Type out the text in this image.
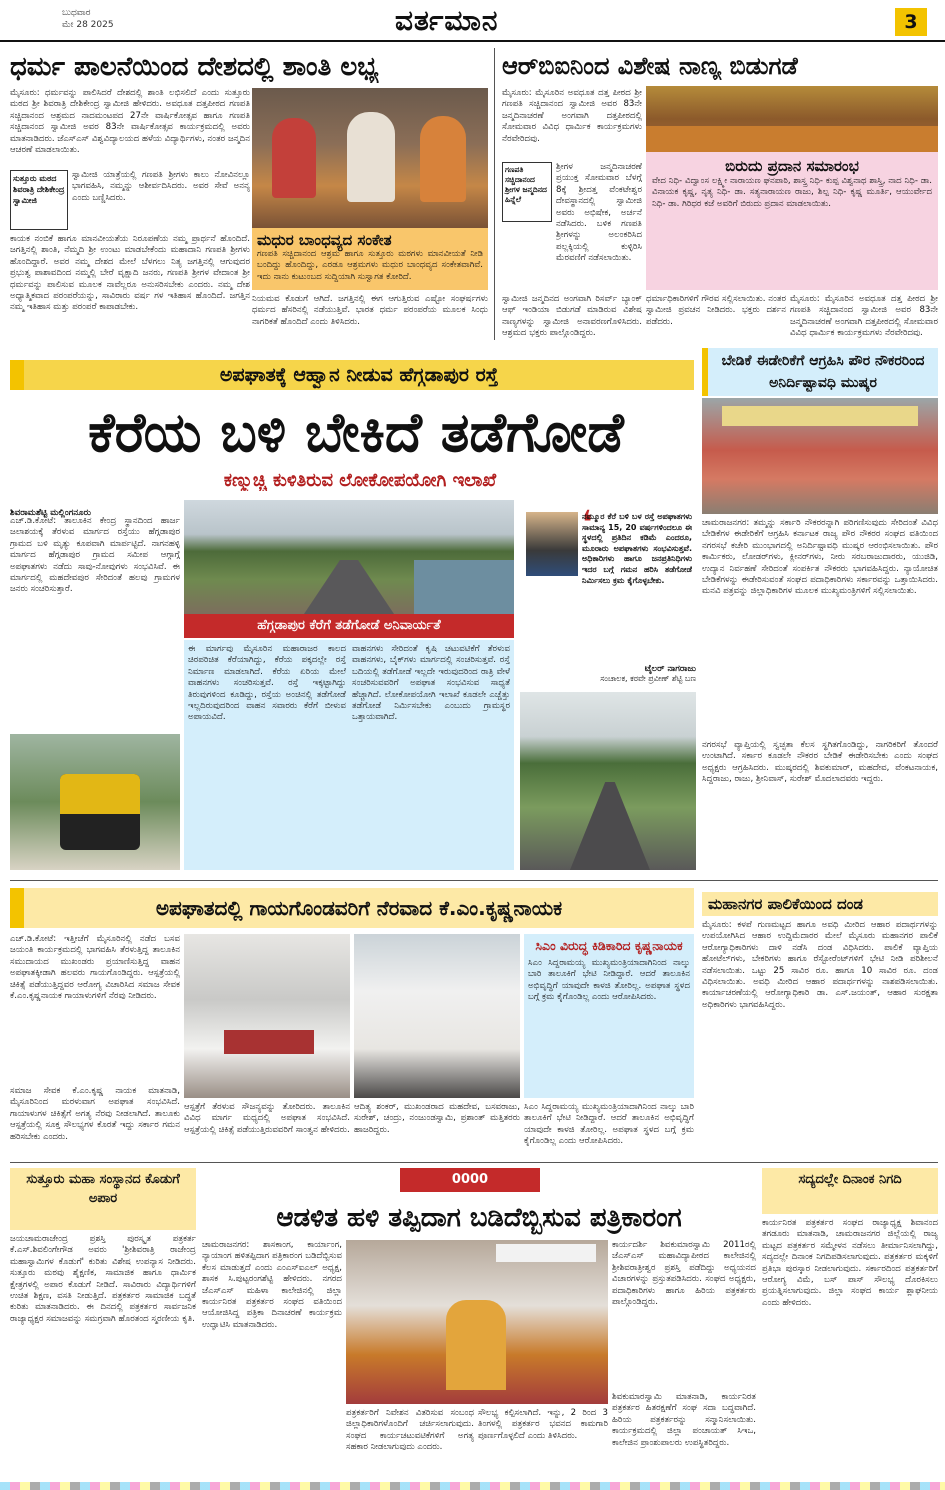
ಬುಧವಾರ
ಮೇ 28 2025	ವರ್ತಮಾನ	3
ಧರ್ಮ ಪಾಲನೆಯಿಂದ ದೇಶದಲ್ಲಿ ಶಾಂತಿ ಲಭ್ಯ
ಮೈಸೂರು: ಧರ್ಮವನ್ನು ಪಾಲಿಸಿದರೆ ದೇಶದಲ್ಲಿ ಶಾಂತಿ ಲಭಿಸಲಿದೆ ಎಂದು ಸುತ್ತೂರು ಮಠದ ಶ್ರೀ ಶಿವರಾತ್ರಿ ದೇಶಿಕೇಂದ್ರ ಸ್ವಾಮೀಜಿ ಹೇಳಿದರು. ಅವಧೂತ ದತ್ತಪೀಠದ ಗಣಪತಿ ಸಚ್ಚಿದಾನಂದ ಆಶ್ರಮದ ನಾದಮಂಟಪದ 27ನೇ ವಾರ್ಷಿಕೋತ್ಸವ ಹಾಗೂ ಗಣಪತಿ ಸಚ್ಚಿದಾನಂದ ಸ್ವಾಮೀಜಿ ಅವರ 83ನೇ ವಾರ್ಷಿಕೋತ್ಸವ ಕಾರ್ಯಕ್ರಮದಲ್ಲಿ ಅವರು ಮಾತನಾಡಿದರು. ಜೆಎಸ್ಎಸ್ ವಿಶ್ವವಿದ್ಯಾಲಯದ ಹಳೆಯ ವಿದ್ಯಾರ್ಥಿಗಳು, ನಂತರ ಜನ್ಮದಿನ ಆಚರಣೆ ಮಾಡಲಾಯಿತು.
ಸುತ್ತೂರು ಮಠದ ಶಿವರಾತ್ರಿ ದೇಶಿಕೇಂದ್ರ ಸ್ವಾಮೀಜಿ
ಸ್ವಾಮೀಜಿ ಯಾತ್ರೆಯಲ್ಲಿ ಗಣಪತಿ ಶ್ರೀಗಳು ಕಾಲು ನೋವಿನಲ್ಲೂ ಭಾಗವಹಿಸಿ, ನಮ್ಮನ್ನು ಆಶೀರ್ವದಿಸಿದರು. ಅವರ ಸೇವೆ ಅನನ್ಯ ಎಂದು ಬಣ್ಣಿಸಿದರು.
ಕಾಯಕ ನಂಬಿಕೆ ಹಾಗೂ ಮಾನವೀಯತೆಯ ನಿರೂಪಣೆಯ ನಮ್ಮ ಪ್ರಾರ್ಥನೆ ಹೊಂದಿದೆ. ಜಗತ್ತಿನಲ್ಲಿ ಶಾಂತಿ, ನೆಮ್ಮದಿ ಶ್ರೀ ಉಂಟು ಮಾಡಬೇಕೆಂದು ಮಹಾದಾನಿ ಗಣಪತಿ ಶ್ರೀಗಳು ಹೊಂದಿದ್ದಾರೆ. ಅವರ ನಮ್ಮ ದೇಶದ ಮೇಲೆ ಬೆಳಗಲು ನಿತ್ಯ ಜಗತ್ತಿನಲ್ಲಿ ಆಗುವುದರ ಪ್ರಭುತ್ವ ಪಾಶಾವದಿಂದ ನಮ್ಮಲ್ಲಿ ಬೇರೆ ವೃಕ್ಷಾದಿ ಜನರು, ಗಣಪತಿ ಶ್ರೀಗಳ ವೇದಾಂತ ಶ್ರೀ ಧರ್ಮವನ್ನು ಪಾಲಿಸುವ ಮೂಲಕ ನಾವೆಲ್ಲರೂ ಅನುಸರಿಸಬೇಕು ಎಂದರು. ನಮ್ಮ ದೇಶ ಅಧ್ಯಾತ್ಮಿಕವಾದ ಪರಂಪರೆಯನ್ನು, ಸಾವಿರಾರು ವರ್ಷ ಗಳ ಇತಿಹಾಸ ಹೊಂದಿದೆ. ಜಗತ್ತಿನ ನಮ್ಮ ಇತಿಹಾಸ ಮತ್ತು ಪರಂಪರೆ ಕಾಪಾಡಬೇಕು.
ಮಧುರ ಬಾಂಧವ್ಯದ ಸಂಕೇತ
ಗಣಪತಿ ಸಚ್ಚಿದಾನಂದ ಆಶ್ರಮ ಹಾಗೂ ಸುತ್ತೂರು ಮಠಗಳು ಮಾನವೀಯತೆ ನೀಡಿ ಬಂದಿದ್ದು ಹೊಂದಿದ್ದು, ಎರಡೂ ಆಶ್ರಮಗಳು ಮಧುರ ಬಾಂಧವ್ಯದ ಸಂಕೇತವಾಗಿವೆ. ಇದು ನಾನು ಕುಟುಂಬದ ಸುದ್ದಿಯಾಗಿ ಸುಸ್ವಾಗತ ಕೋರಿದೆ.
ನಿಯಮವ ಕೊಡುಗೆ ಆಗಿದೆ. ಜಗತ್ತಿನಲ್ಲಿ ಈಗ ಆಗುತ್ತಿರುವ ಎಷ್ಟೋ ಸಂಘರ್ಷಗಳು ಧರ್ಮದ ಹೆಸರಿನಲ್ಲಿ ನಡೆಯುತ್ತಿವೆ. ಭಾರತ ಧರ್ಮ ಪರಂಪರೆಯ ಮೂಲಕ ಸಿಂಧು ನಾಗರಿಕತೆ ಹೊಂದಿದೆ ಎಂದು ತಿಳಿಸಿದರು.
ಆರ್‌ಬಿಐನಿಂದ ವಿಶೇಷ ನಾಣ್ಯ ಬಿಡುಗಡೆ
ಮೈಸೂರು: ಮೈಸೂರಿನ ಅವಧೂತ ದತ್ತ ಪೀಠದ ಶ್ರೀ ಗಣಪತಿ ಸಚ್ಚಿದಾನಂದ ಸ್ವಾಮೀಜಿ ಅವರ 83ನೇ ಜನ್ಮದಿನಾಚರಣೆ ಅಂಗವಾಗಿ ದತ್ತಪೀಠದಲ್ಲಿ ಸೋಮವಾರ ವಿವಿಧ ಧಾರ್ಮಿಕ ಕಾರ್ಯಕ್ರಮಗಳು ನೆರವೇರಿದವು.
ಗಣಪತಿ ಸಚ್ಚಿದಾನಂದ ಶ್ರೀಗಳ ಜನ್ಮದಿನದ ಹಿನ್ನೆಲೆ
ಶ್ರೀಗಳ ಜನ್ಮದಿನಾಚರಣೆ ಪ್ರಯುಕ್ತ ಸೋಮವಾರ ಬೆಳಗ್ಗೆ 8ಕ್ಕೆ ಶ್ರೀದತ್ತ ವೆಂಕಟೇಶ್ವರ ದೇವಸ್ಥಾನದಲ್ಲಿ ಸ್ವಾಮೀಜಿ ಅವರು ಅಭಿಷೇಕ, ಅರ್ಚನೆ ನಡೆಸಿದರು. ಬಳಿಕ ಗಣಪತಿ ಶ್ರೀಗಳನ್ನು ಅಲಂಕರಿಸಿದ ಪಲ್ಲಕ್ಕಿಯಲ್ಲಿ ಕುಳ್ಳಿರಿಸಿ ಮೆರವಣಿಗೆ ನಡೆಸಲಾಯಿತು.
ಬಿರುದು ಪ್ರದಾನ ಸಮಾರಂಭ
ವೇದ ನಿಧಿ- ವಿದ್ವಾಂಸ ಲಕ್ಷ್ಮೀ ನಾರಾಯಣ ಘನಪಾಠಿ, ಶಾಸ್ತ್ರ ನಿಧಿ- ಕುಪ್ಪ ವಿಶ್ವನಾಥ ಶಾಸ್ತ್ರಿ, ನಾದ ನಿಧಿ- ಡಾ. ವಿನಾಯಕ ಕೃಷ್ಣ, ನೃತ್ಯ ನಿಧಿ- ಡಾ. ಸತ್ಯನಾರಾಯಣ ರಾಜು, ಶಿಲ್ಪ ನಿಧಿ- ಕೃಷ್ಣ ಮೂರ್ತಿ, ಆಯುರ್ವೇದ ನಿಧಿ- ಡಾ. ಗಿರಿಧರ ಕಜೆ ಅವರಿಗೆ ಬಿರುದು ಪ್ರದಾನ ಮಾಡಲಾಯಿತು.
ಸ್ವಾಮೀಜಿ ಜನ್ಮದಿನದ ಅಂಗವಾಗಿ ರಿಸರ್ವ್ ಬ್ಯಾಂಕ್ ಆಫ್ ಇಂಡಿಯಾ ಬಿಡುಗಡೆ ಮಾಡಿರುವ ವಿಶೇಷ ನಾಣ್ಯಗಳನ್ನು ಸ್ವಾಮೀಜಿ ಅನಾವರಣಗೊಳಿಸಿದರು. ಆಶ್ರಮದ ಭಕ್ತರು ಪಾಲ್ಗೊಂಡಿದ್ದರು.
ಧರ್ಮಾಧಿಕಾರಿಗಳಿಗೆ ಗೌರವ ಸಲ್ಲಿಸಲಾಯಿತು. ನಂತರ ಸ್ವಾಮೀಜಿ ಪ್ರವಚನ ನೀಡಿದರು. ಭಕ್ತರು ದರ್ಶನ ಪಡೆದರು.
ಮೈಸೂರು: ಮೈಸೂರಿನ ಅವಧೂತ ದತ್ತ ಪೀಠದ ಶ್ರೀ ಗಣಪತಿ ಸಚ್ಚಿದಾನಂದ ಸ್ವಾಮೀಜಿ ಅವರ 83ನೇ ಜನ್ಮದಿನಾಚರಣೆ ಅಂಗವಾಗಿ ದತ್ತಪೀಠದಲ್ಲಿ ಸೋಮವಾರ ವಿವಿಧ ಧಾರ್ಮಿಕ ಕಾರ್ಯಕ್ರಮಗಳು ನೆರವೇರಿದವು.
ಅಪಘಾತಕ್ಕೆ ಆಹ್ವಾನ ನೀಡುವ ಹೆಗ್ಗಡಾಪುರ ರಸ್ತೆ
ಕೆರೆಯ ಬಳಿ ಬೇಕಿದೆ ತಡೆಗೋಡೆ
ಕಣ್ಮುಚ್ಚಿ ಕುಳಿತಿರುವ ಲೋಕೋಪಯೋಗಿ ಇಲಾಖೆ
ಶಿವರಾಮಶೆಟ್ಟಿ ಮಲ್ಲಿಂಗನೂರು
ಎಚ್.ಡಿ.ಕೋಟೆ: ತಾಲೂಕಿನ ಕೇಂದ್ರ ಸ್ಥಾನದಿಂದ ಹಾರ್ಜ ಜಲಾಶಯಕ್ಕೆ ತೆರಳುವ ಮಾರ್ಗದ ರಸ್ತೆಯು ಹೆಗ್ಗಡಾಪುರ ಗ್ರಾಮದ ಬಳಿ ಮೃತ್ಯು ಕೂಪವಾಗಿ ಮಾರ್ಪಟ್ಟಿದೆ. ನಾಗನಹಳ್ಳಿ ಮಾರ್ಗದ ಹೆಗ್ಗಡಾಪುರ ಗ್ರಾಮದ ಸಮೀಪ ಆಗ್ಗಾಗ್ಗೆ ಅಪಘಾತಗಳು ನಡೆದು ಸಾವು-ನೋವುಗಳು ಸಂಭವಿಸಿವೆ. ಈ ಮಾರ್ಗದಲ್ಲಿ ಮಹದೇವಪುರ ಸೇರಿದಂತೆ ಹಲವು ಗ್ರಾಮಗಳ ಜನರು ಸಂಚರಿಸುತ್ತಾರೆ.
ಹೆಗ್ಗಡಾಪುರ ಕೆರೆಗೆ ತಡೆಗೋಡೆ ಅನಿವಾರ್ಯತೆ
ಈ ಮಾರ್ಗವು ಮೈಸೂರಿನ ಮಹಾರಾಜರ ಕಾಲದ ಚಿರಪರಿಚಿತ ಕೆರೆಯಾಗಿದ್ದು, ಕೆರೆಯ ಪಕ್ಕದಲ್ಲೇ ರಸ್ತೆ ನಿರ್ಮಾಣ ಮಾಡಲಾಗಿದೆ. ಕೆರೆಯ ಏರಿಯ ಮೇಲೆ ವಾಹನಗಳು ಸಂಚರಿಸುತ್ತವೆ. ರಸ್ತೆ ಇಕ್ಕಟ್ಟಾಗಿದ್ದು ತಿರುವುಗಳಿಂದ ಕೂಡಿದ್ದು, ರಸ್ತೆಯ ಅಂಚಿನಲ್ಲಿ ತಡೆಗೋಡೆ ಇಲ್ಲದಿರುವುದರಿಂದ ವಾಹನ ಸವಾರರು ಕೆರೆಗೆ ಬೀಳುವ ಅಪಾಯವಿದೆ.
ವಾಹನಗಳು ಸೇರಿದಂತೆ ಕೃಷಿ ಚಟುವಟಿಕೆಗೆ ತೆರಳುವ ವಾಹನಗಳು, ಬೈಕ್‌ಗಳು ಮಾರ್ಗದಲ್ಲಿ ಸಂಚರಿಸುತ್ತವೆ. ರಸ್ತೆ ಬದಿಯಲ್ಲಿ ತಡೆಗೋಡೆ ಇಲ್ಲದೇ ಇರುವುದರಿಂದ ರಾತ್ರಿ ವೇಳೆ ಸಂಚರಿಸುವವರಿಗೆ ಅಪಘಾತ ಸಂಭವಿಸುವ ಸಾಧ್ಯತೆ ಹೆಚ್ಚಾಗಿದೆ. ಲೋಕೋಪಯೋಗಿ ಇಲಾಖೆ ಕೂಡಲೇ ಎಚ್ಚೆತ್ತು ತಡೆಗೋಡೆ ನಿರ್ಮಿಸಬೇಕು ಎಂಬುದು ಗ್ರಾಮಸ್ಥರ ಒತ್ತಾಯವಾಗಿದೆ.
❛
ನಮ್ಮೂರ ಕೆರೆ ಬಳಿ ಬಳ ರಸ್ತೆ ಅಪಘಾತಗಳು ಸಾಮಾನ್ಯ 15, 20 ವರ್ಷಗಳಿಂದಲೂ ಈ ಸ್ಥಳದಲ್ಲಿ ಪ್ರತಿದಿನ ಕಡಿಮೆ ಎಂದರೂ, ಮೂರಾರು ಅಪಘಾತಗಳು ಸಂಭವಿಸುತ್ತವೆ. ಅಧಿಕಾರಿಗಳು ಹಾಗೂ ಜನಪ್ರತಿನಿಧಿಗಳು ಇದರ ಬಗ್ಗೆ ಗಮನ ಹರಿಸಿ ತಡೆಗೋಡೆ ನಿರ್ಮಿಸಲು ಕ್ರಮ ಕೈಗೊಳ್ಳಬೇಕು.
ಟೈಲರ್ ನಾಗರಾಜು
ಸಂಚಾಲಕ, ಕರವೇ ಪ್ರವೀಣ್ ಶೆಟ್ಟಿ ಬಣ
ಬೇಡಿಕೆ ಈಡೇರಿಕೆಗೆ ಆಗ್ರಹಿಸಿ ಪೌರ ನೌಕರರಿಂದ ಅನಿರ್ದಿಷ್ಟಾವಧಿ ಮುಷ್ಕರ
ಚಾಮರಾಜನಗರ: ತಮ್ಮನ್ನು ಸರ್ಕಾರಿ ನೌಕರರನ್ನಾಗಿ ಪರಿಗಣಿಸುವುದು ಸೇರಿದಂತೆ ವಿವಿಧ ಬೇಡಿಕೆಗಳ ಈಡೇರಿಕೆಗೆ ಆಗ್ರಹಿಸಿ ಕರ್ನಾಟಕ ರಾಜ್ಯ ಪೌರ ನೌಕರರ ಸಂಘದ ವತಿಯಿಂದ ನಗರಸಭೆ ಕಚೇರಿ ಮುಂಭಾಗದಲ್ಲಿ ಅನಿರ್ದಿಷ್ಟಾವಧಿ ಮುಷ್ಕರ ಆರಂಭಿಸಲಾಯಿತು. ಪೌರ ಕಾರ್ಮಿಕರು, ಲೋಡರ್‌ಗಳು, ಕ್ಲೀನರ್‌ಗಳು, ನೀರು ಸರಬರಾಜುದಾರರು, ಯುಜಿಡಿ, ಉದ್ಯಾನ ನಿರ್ವಹಣೆ ಸೇರಿದಂತೆ ಸಂಪರ್ಕಿತ ನೌಕರರು ಭಾಗವಹಿಸಿದ್ದರು. ನ್ಯಾಯೋಚಿತ ಬೇಡಿಕೆಗಳನ್ನು ಈಡೇರಿಸುವಂತೆ ಸಂಘದ ಪದಾಧಿಕಾರಿಗಳು ಸರ್ಕಾರವನ್ನು ಒತ್ತಾಯಿಸಿದರು. ಮನವಿ ಪತ್ರವನ್ನು ಜಿಲ್ಲಾಧಿಕಾರಿಗಳ ಮೂಲಕ ಮುಖ್ಯಮಂತ್ರಿಗಳಿಗೆ ಸಲ್ಲಿಸಲಾಯಿತು.
ನಗರಸಭೆ ವ್ಯಾಪ್ತಿಯಲ್ಲಿ ಸ್ವಚ್ಛತಾ ಕೆಲಸ ಸ್ಥಗಿತಗೊಂಡಿದ್ದು, ನಾಗರಿಕರಿಗೆ ತೊಂದರೆ ಉಂಟಾಗಿದೆ. ಸರ್ಕಾರ ಕೂಡಲೇ ನೌಕರರ ಬೇಡಿಕೆ ಈಡೇರಿಸಬೇಕು ಎಂದು ಸಂಘದ ಅಧ್ಯಕ್ಷರು ಆಗ್ರಹಿಸಿದರು. ಮುಷ್ಕರದಲ್ಲಿ ಶಿವಕುಮಾರ್, ಮಹದೇವ, ವೆಂಕಟನಾಯಕ, ಸಿದ್ದರಾಜು, ರಾಜು, ಶ್ರೀನಿವಾಸ್, ಸುರೇಶ್ ಮೊದಲಾದವರು ಇದ್ದರು.
ಅಪಘಾತದಲ್ಲಿ ಗಾಯಗೊಂಡವರಿಗೆ ನೆರವಾದ ಕೆ.ಎಂ.ಕೃಷ್ಣನಾಯಕ
ಎಚ್.ಡಿ.ಕೋಟೆ: ಇತ್ತೀಚೆಗೆ ಮೈಸೂರಿನಲ್ಲಿ ನಡೆದ ಬಸವ ಜಯಂತಿ ಕಾರ್ಯಕ್ರಮದಲ್ಲಿ ಭಾಗವಹಿಸಿ ತೆರಳುತ್ತಿದ್ದ ತಾಲೂಕಿನ ಸಮುದಾಯದ ಮುಖಂಡರು ಪ್ರಯಾಣಿಸುತ್ತಿದ್ದ ವಾಹನ ಅಪಘಾತಕ್ಕೀಡಾಗಿ ಹಲವರು ಗಾಯಗೊಂಡಿದ್ದರು. ಆಸ್ಪತ್ರೆಯಲ್ಲಿ ಚಿಕಿತ್ಸೆ ಪಡೆಯುತ್ತಿದ್ದವರ ಆರೋಗ್ಯ ವಿಚಾರಿಸಿದ ಸಮಾಜ ಸೇವಕ ಕೆ.ಎಂ.ಕೃಷ್ಣನಾಯಕ ಗಾಯಾಳುಗಳಿಗೆ ನೆರವು ನೀಡಿದರು.
ಸಮಾಜ ಸೇವಕ ಕೆ.ಎಂ.ಕೃಷ್ಣ ನಾಯಕ ಮಾತನಾಡಿ, ಮೈಸೂರಿನಿಂದ ಮರಳುವಾಗ ಅಪಘಾತ ಸಂಭವಿಸಿದೆ. ಗಾಯಾಳುಗಳ ಚಿಕಿತ್ಸೆಗೆ ಅಗತ್ಯ ನೆರವು ನೀಡಲಾಗಿದೆ. ತಾಲೂಕು ಆಸ್ಪತ್ರೆಯಲ್ಲಿ ಸೂಕ್ತ ಸೌಲಭ್ಯಗಳ ಕೊರತೆ ಇದ್ದು ಸರ್ಕಾರ ಗಮನ ಹರಿಸಬೇಕು ಎಂದರು.
ಸಿಎಂ ವಿರುದ್ಧ ಕಿಡಿಕಾರಿದ ಕೃಷ್ಣನಾಯಕ
ಸಿಎಂ ಸಿದ್ದರಾಮಯ್ಯ ಮುಖ್ಯಮಂತ್ರಿಯಾದಾಗಿನಿಂದ ನಾಲ್ಕು ಬಾರಿ ತಾಲೂಕಿಗೆ ಭೇಟಿ ನೀಡಿದ್ದಾರೆ. ಆದರೆ ತಾಲೂಕಿನ ಅಭಿವೃದ್ಧಿಗೆ ಯಾವುದೇ ಕಾಳಜಿ ತೋರಿಲ್ಲ. ಅಪಘಾತ ಸ್ಥಳದ ಬಗ್ಗೆ ಕ್ರಮ ಕೈಗೊಂಡಿಲ್ಲ ಎಂದು ಆರೋಪಿಸಿದರು.
ಆಸ್ಪತ್ರೆಗೆ ತೆರಳುವ ಸೌಜನ್ಯವನ್ನು ತೋರಿದರು. ತಾಲೂಕಿನ ವಿವಿಧ ಮಾರ್ಗ ಮಧ್ಯದಲ್ಲಿ ಅಪಘಾತ ಸಂಭವಿಸಿದೆ. ಆಸ್ಪತ್ರೆಯಲ್ಲಿ ಚಿಕಿತ್ಸೆ ಪಡೆಯುತ್ತಿರುವವರಿಗೆ ಸಾಂತ್ವನ ಹೇಳಿದರು.
ಆದಿತ್ಯ ಶಂಕರ್, ಮುಖಂಡರಾದ ಮಹದೇವ, ಬಸವರಾಜು, ಸುರೇಶ್, ಚಂದ್ರು, ನಂಜುಂಡಸ್ವಾಮಿ, ಪ್ರಶಾಂತ್ ಮತ್ತಿತರರು ಹಾಜರಿದ್ದರು.
ಸಿಎಂ ಸಿದ್ದರಾಮಯ್ಯ ಮುಖ್ಯಮಂತ್ರಿಯಾದಾಗಿನಿಂದ ನಾಲ್ಕು ಬಾರಿ ತಾಲೂಕಿಗೆ ಭೇಟಿ ನೀಡಿದ್ದಾರೆ. ಆದರೆ ತಾಲೂಕಿನ ಅಭಿವೃದ್ಧಿಗೆ ಯಾವುದೇ ಕಾಳಜಿ ತೋರಿಲ್ಲ. ಅಪಘಾತ ಸ್ಥಳದ ಬಗ್ಗೆ ಕ್ರಮ ಕೈಗೊಂಡಿಲ್ಲ ಎಂದು ಆರೋಪಿಸಿದರು.
ಮಹಾನಗರ ಪಾಲಿಕೆಯಿಂದ ದಂಡ
ಮೈಸೂರು: ಕಳಪೆ ಗುಣಮಟ್ಟದ ಹಾಗೂ ಅವಧಿ ಮೀರಿದ ಆಹಾರ ಪದಾರ್ಥಗಳನ್ನು ಉಪಯೋಗಿಸಿದ ಆಹಾರ ಉದ್ದಿಮೆದಾರರ ಮೇಲೆ ಮೈಸೂರು ಮಹಾನಗರ ಪಾಲಿಕೆ ಆರೋಗ್ಯಾಧಿಕಾರಿಗಳು ದಾಳಿ ನಡೆಸಿ ದಂಡ ವಿಧಿಸಿದರು. ಪಾಲಿಕೆ ವ್ಯಾಪ್ತಿಯ ಹೋಟೆಲ್‌ಗಳು, ಬೇಕರಿಗಳು ಹಾಗೂ ರೆಸ್ಟೋರೆಂಟ್‌ಗಳಿಗೆ ಭೇಟಿ ನೀಡಿ ಪರಿಶೀಲನೆ ನಡೆಸಲಾಯಿತು. ಒಟ್ಟು 25 ಸಾವಿರ ರೂ. ಹಾಗೂ 10 ಸಾವಿರ ರೂ. ದಂಡ ವಿಧಿಸಲಾಯಿತು. ಅವಧಿ ಮೀರಿದ ಆಹಾರ ಪದಾರ್ಥಗಳನ್ನು ನಾಶಪಡಿಸಲಾಯಿತು. ಕಾರ್ಯಾಚರಣೆಯಲ್ಲಿ ಆರೋಗ್ಯಾಧಿಕಾರಿ ಡಾ. ಎಸ್.ಜಯಂತ್, ಆಹಾರ ಸುರಕ್ಷತಾ ಅಧಿಕಾರಿಗಳು ಭಾಗವಹಿಸಿದ್ದರು.
0000
ಸುತ್ತೂರು ಮಹಾ ಸಂಸ್ಥಾನದ ಕೊಡುಗೆ ಅಪಾರ
ಜಯಚಾಮರಾಜೇಂದ್ರ ಪ್ರಶಸ್ತಿ ಪುರಸ್ಕೃತ ಪತ್ರಕರ್ತ ಕೆ.ಎಸ್.ಶಿವಲಿಂಗೇಗೌಡ ಅವರು 'ಶ್ರೀಶಿವರಾತ್ರಿ ರಾಜೇಂದ್ರ ಮಹಾಸ್ವಾಮಿಗಳ ಕೊಡುಗೆ' ಕುರಿತು ವಿಶೇಷ ಉಪನ್ಯಾಸ ನೀಡಿದರು. ಸುತ್ತೂರು ಮಠವು ಶೈಕ್ಷಣಿಕ, ಸಾಮಾಜಿಕ ಹಾಗೂ ಧಾರ್ಮಿಕ ಕ್ಷೇತ್ರಗಳಲ್ಲಿ ಅಪಾರ ಕೊಡುಗೆ ನೀಡಿದೆ. ಸಾವಿರಾರು ವಿದ್ಯಾರ್ಥಿಗಳಿಗೆ ಉಚಿತ ಶಿಕ್ಷಣ, ವಸತಿ ನೀಡುತ್ತಿದೆ. ಪತ್ರಕರ್ತರ ಸಾಮಾಜಿಕ ಬದ್ಧತೆ ಕುರಿತು ಮಾತನಾಡಿದರು. ಈ ದಿನದಲ್ಲಿ ಪತ್ರಕರ್ತರ ಸಾರ್ವಜನಿಕ ರಾಜ್ಯಾಧ್ಯಕ್ಷರ ಸಮಾಜವನ್ನು ಸಮಗ್ರವಾಗಿ ಹೊರತಂದ ಸ್ಮರಣೀಯ ಕೃತಿ.
ಆಡಳಿತ ಹಳಿ ತಪ್ಪಿದಾಗ ಬಡಿದೆಬ್ಬಿಸುವ ಪತ್ರಿಕಾರಂಗ
ಚಾಮರಾಜನಗರ: ಶಾಸಕಾಂಗ, ಕಾರ್ಯಾಂಗ, ನ್ಯಾಯಾಂಗ ಹಳಿತಪ್ಪಿದಾಗ ಪತ್ರಿಕಾರಂಗ ಬಡಿದೆಬ್ಬಿಸುವ ಕೆಲಸ ಮಾಡುತ್ತದೆ ಎಂದು ಎಂಎಸ್ಐಎಲ್ ಅಧ್ಯಕ್ಷ, ಶಾಸಕ ಸಿ.ಪುಟ್ಟರಂಗಶೆಟ್ಟಿ ಹೇಳಿದರು. ನಗರದ ಜೆಎಸ್ಎಸ್ ಮಹಿಳಾ ಕಾಲೇಜಿನಲ್ಲಿ ಜಿಲ್ಲಾ ಕಾರ್ಯನಿರತ ಪತ್ರಕರ್ತರ ಸಂಘದ ವತಿಯಿಂದ ಆಯೋಜಿಸಿದ್ದ ಪತ್ರಿಕಾ ದಿನಾಚರಣೆ ಕಾರ್ಯಕ್ರಮ ಉದ್ಘಾಟಿಸಿ ಮಾತನಾಡಿದರು.
ಪತ್ರಕರ್ತರಿಗೆ ನಿವೇಶನ ವಿತರಿಸುವ ಸಂಬಂಧ ಜಿಲ್ಲಾಧಿಕಾರಿಗಳೊಂದಿಗೆ ಚರ್ಚಿಸಲಾಗುವುದು. ಸಂಘದ ಕಾರ್ಯಚಟುವಟಿಕೆಗಳಿಗೆ ಅಗತ್ಯ ಸಹಕಾರ ನೀಡಲಾಗುವುದು ಎಂದರು.
ಸೌಲಭ್ಯ ಕಲ್ಪಿಸಲಾಗಿದೆ. ಇನ್ನು, 2 ರಿಂದ 3 ತಿಂಗಳಲ್ಲಿ ಪತ್ರಕರ್ತರ ಭವನದ ಕಾಮಗಾರಿ ಪೂರ್ಣಗೊಳ್ಳಲಿದೆ ಎಂದು ತಿಳಿಸಿದರು.
ಕಾರ್ಯದರ್ಶಿ ಶಿವಕುಮಾರಸ್ವಾಮಿ 2011ರಲ್ಲಿ ಜೆಎಸ್ಎಸ್ ಮಹಾವಿದ್ಯಾಪೀಠದ ಕಾಲೇಜಿನಲ್ಲಿ ಶ್ರೀಶಿವರಾತ್ರೀಶ್ವರ ಪ್ರಶಸ್ತಿ ಪಡೆದಿದ್ದು ಅಧ್ಯಯನದ ವಿಚಾರಗಳನ್ನು ಪ್ರಸ್ತುತಪಡಿಸಿದರು. ಸಂಘದ ಅಧ್ಯಕ್ಷರು, ಪದಾಧಿಕಾರಿಗಳು ಹಾಗೂ ಹಿರಿಯ ಪತ್ರಕರ್ತರು ಪಾಲ್ಗೊಂಡಿದ್ದರು.
ಶಿವಕುಮಾರಸ್ವಾಮಿ ಮಾತನಾಡಿ, ಕಾರ್ಯನಿರತ ಪತ್ರಕರ್ತರ ಹಿತರಕ್ಷಣೆಗೆ ಸಂಘ ಸದಾ ಬದ್ಧವಾಗಿದೆ. ಹಿರಿಯ ಪತ್ರಕರ್ತರನ್ನು ಸನ್ಮಾನಿಸಲಾಯಿತು. ಕಾರ್ಯಕ್ರಮದಲ್ಲಿ ಜಿಲ್ಲಾ ಪಂಚಾಯತ್ ಸಿಇಒ, ಕಾಲೇಜಿನ ಪ್ರಾಂಶುಪಾಲರು ಉಪಸ್ಥಿತರಿದ್ದರು.
ಸದ್ಯದಲ್ಲೇ ದಿನಾಂಕ ನಿಗದಿ
ಕಾರ್ಯನಿರತ ಪತ್ರಕರ್ತರ ಸಂಘದ ರಾಜ್ಯಾಧ್ಯಕ್ಷ ಶಿವಾನಂದ ತಗಡೂರು ಮಾತನಾಡಿ, ಚಾಮರಾಜನಗರ ಜಿಲ್ಲೆಯಲ್ಲಿ ರಾಜ್ಯ ಮಟ್ಟದ ಪತ್ರಕರ್ತರ ಸಮ್ಮೇಳನ ನಡೆಸಲು ತೀರ್ಮಾನಿಸಲಾಗಿದ್ದು, ಸದ್ಯದಲ್ಲೇ ದಿನಾಂಕ ನಿಗದಿಪಡಿಸಲಾಗುವುದು. ಪತ್ರಕರ್ತರ ಮಕ್ಕಳಿಗೆ ಪ್ರತಿಭಾ ಪುರಸ್ಕಾರ ನೀಡಲಾಗುವುದು. ಸರ್ಕಾರದಿಂದ ಪತ್ರಕರ್ತರಿಗೆ ಆರೋಗ್ಯ ವಿಮೆ, ಬಸ್ ಪಾಸ್ ಸೌಲಭ್ಯ ದೊರಕಿಸಲು ಪ್ರಯತ್ನಿಸಲಾಗುವುದು. ಜಿಲ್ಲಾ ಸಂಘದ ಕಾರ್ಯ ಶ್ಲಾಘನೀಯ ಎಂದು ಹೇಳಿದರು.
